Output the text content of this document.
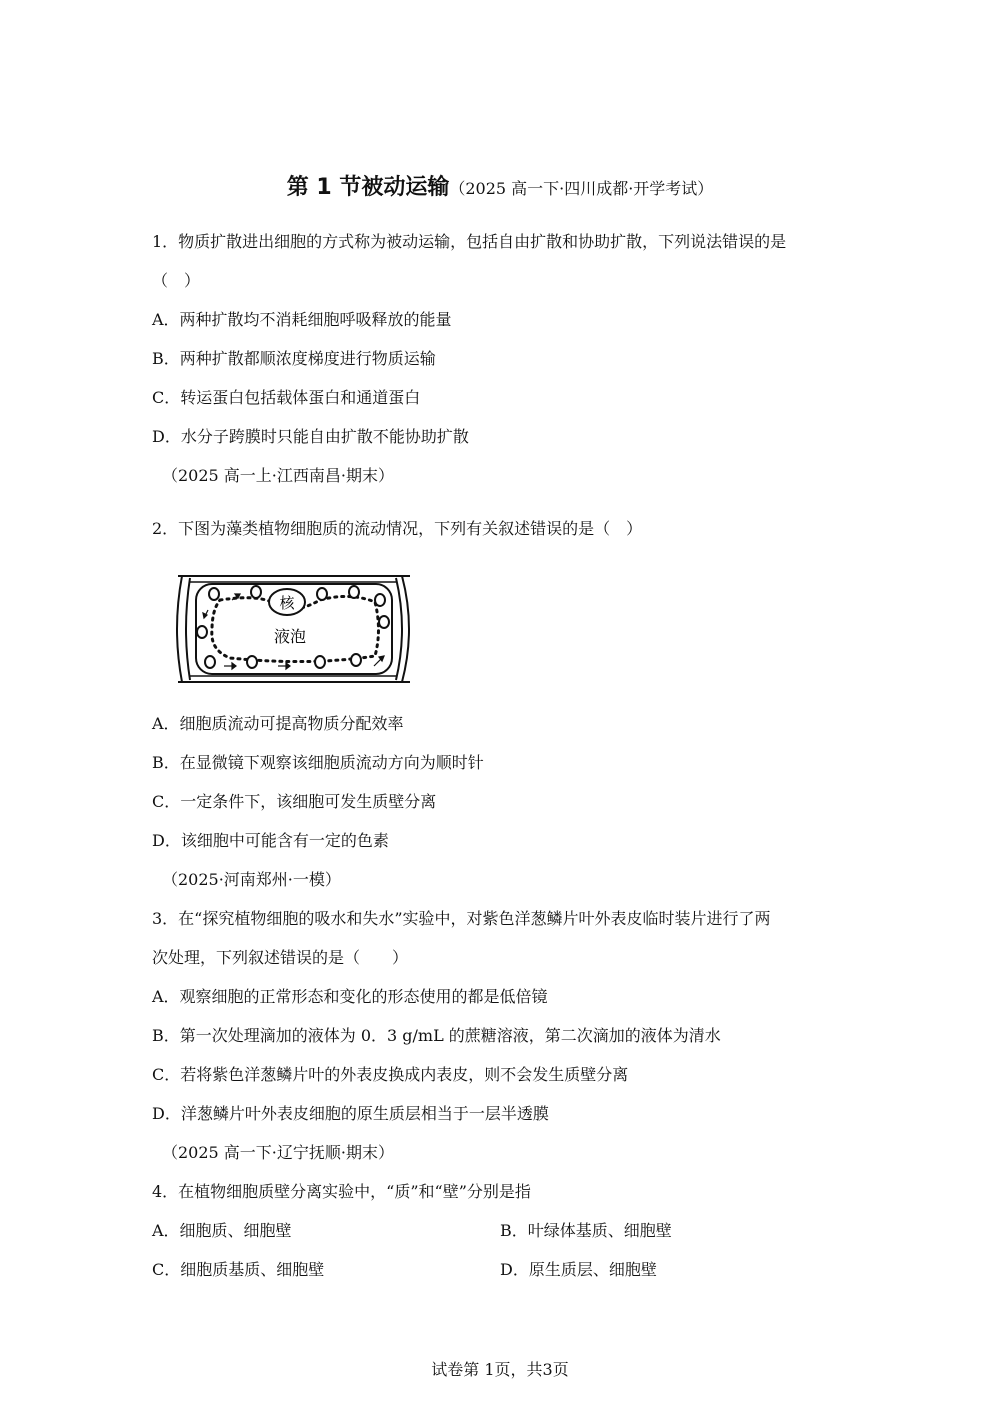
第 1 节被动运输（2025 高一下·四川成都·开学考试）
1．物质扩散进出细胞的方式称为被动运输，包括自由扩散和协助扩散，下列说法错误的是
（　）
A．两种扩散均不消耗细胞呼吸释放的能量
B．两种扩散都顺浓度梯度进行物质运输
C．转运蛋白包括载体蛋白和通道蛋白
D．水分子跨膜时只能自由扩散不能协助扩散
（2025 高一上·江西南昌·期末）
2．下图为藻类植物细胞质的流动情况，下列有关叙述错误的是（　）
核
液泡
A．细胞质流动可提高物质分配效率
B．在显微镜下观察该细胞质流动方向为顺时针
C．一定条件下，该细胞可发生质壁分离
D．该细胞中可能含有一定的色素
（2025·河南郑州·一模）
3．在“探究植物细胞的吸水和失水”实验中，对紫色洋葱鳞片叶外表皮临时装片进行了两
次处理，下列叙述错误的是（　　）
A．观察细胞的正常形态和变化的形态使用的都是低倍镜
B．第一次处理滴加的液体为 0．3 g/mL 的蔗糖溶液，第二次滴加的液体为清水
C．若将紫色洋葱鳞片叶的外表皮换成内表皮，则不会发生质壁分离
D．洋葱鳞片叶外表皮细胞的原生质层相当于一层半透膜
（2025 高一下·辽宁抚顺·期末）
4．在植物细胞质壁分离实验中，“质”和“壁”分别是指
A．细胞质、细胞壁	B．叶绿体基质、细胞壁
C．细胞质基质、细胞壁	D．原生质层、细胞壁
试卷第 1页，共3页
